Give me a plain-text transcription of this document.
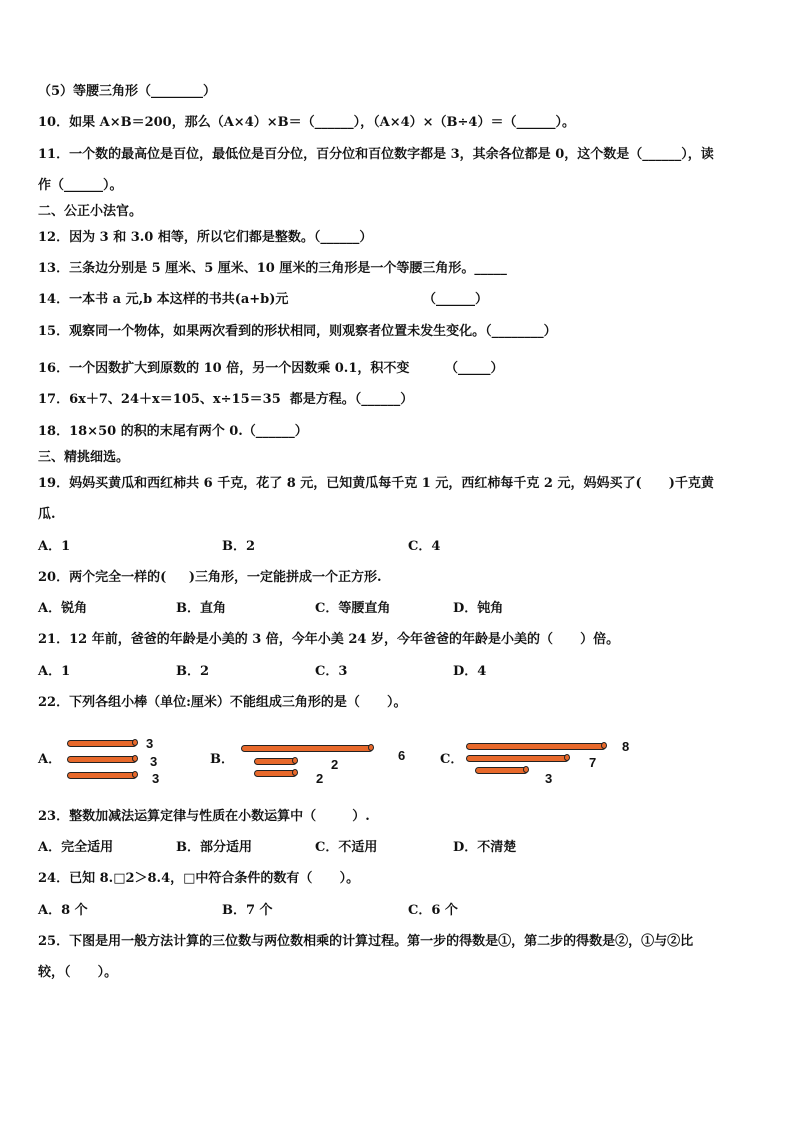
（5）等腰三角形（________）
10．如果 A×B＝200，那么（A×4）×B＝（______），（A×4）×（B÷4）＝（______）。
11．一个数的最高位是百位，最低位是百分位，百分位和百位数字都是 3，其余各位都是 0，这个数是（______），读
作（______）。
二、公正小法官。
12．因为 3 和 3.0 相等，所以它们都是整数。（______）
13．三条边分别是 5 厘米、5 厘米、10 厘米的三角形是一个等腰三角形。_____
14．一本书 a 元,b 本这样的书共(a+b)元	（______）
15．观察同一个物体，如果两次看到的形状相同，则观察者位置未发生变化。（________）
16．一个因数扩大到原数的 10 倍，另一个因数乘 0.1，积不变	（_____）
17．6x＋7、24＋x＝105、x÷15＝35  都是方程。（______）
18．18×50 的积的末尾有两个 0.（______）
三、精挑细选。
19．妈妈买黄瓜和西红柿共 6 千克，花了 8 元，已知黄瓜每千克 1 元，西红柿每千克 2 元，妈妈买了(      )千克黄
瓜.
A．1	B．2	C．4
20．两个完全一样的(     )三角形，一定能拼成一个正方形.
A．锐角	B．直角	C．等腰直角	D．钝角
21．12 年前，爸爸的年龄是小美的 3 倍，今年小美 24 岁，今年爸爸的年龄是小美的（      ）倍。
A．1	B．2	C．3	D．4
22．下列各组小棒（单位:厘米）不能组成三角形的是（      ）。
A．
3
3
3
B．	6
2
2
C．
8
7
3
23．整数加减法运算定律与性质在小数运算中（        ）.
A．完全适用	B．部分适用	C．不适用	D．不清楚
24．已知 8.□2＞8.4，□中符合条件的数有（      ）。
A．8 个	B．7 个	C．6 个
25．下图是用一般方法计算的三位数与两位数相乘的计算过程。第一步的得数是①，第二步的得数是②，①与②比
较，（      ）。
